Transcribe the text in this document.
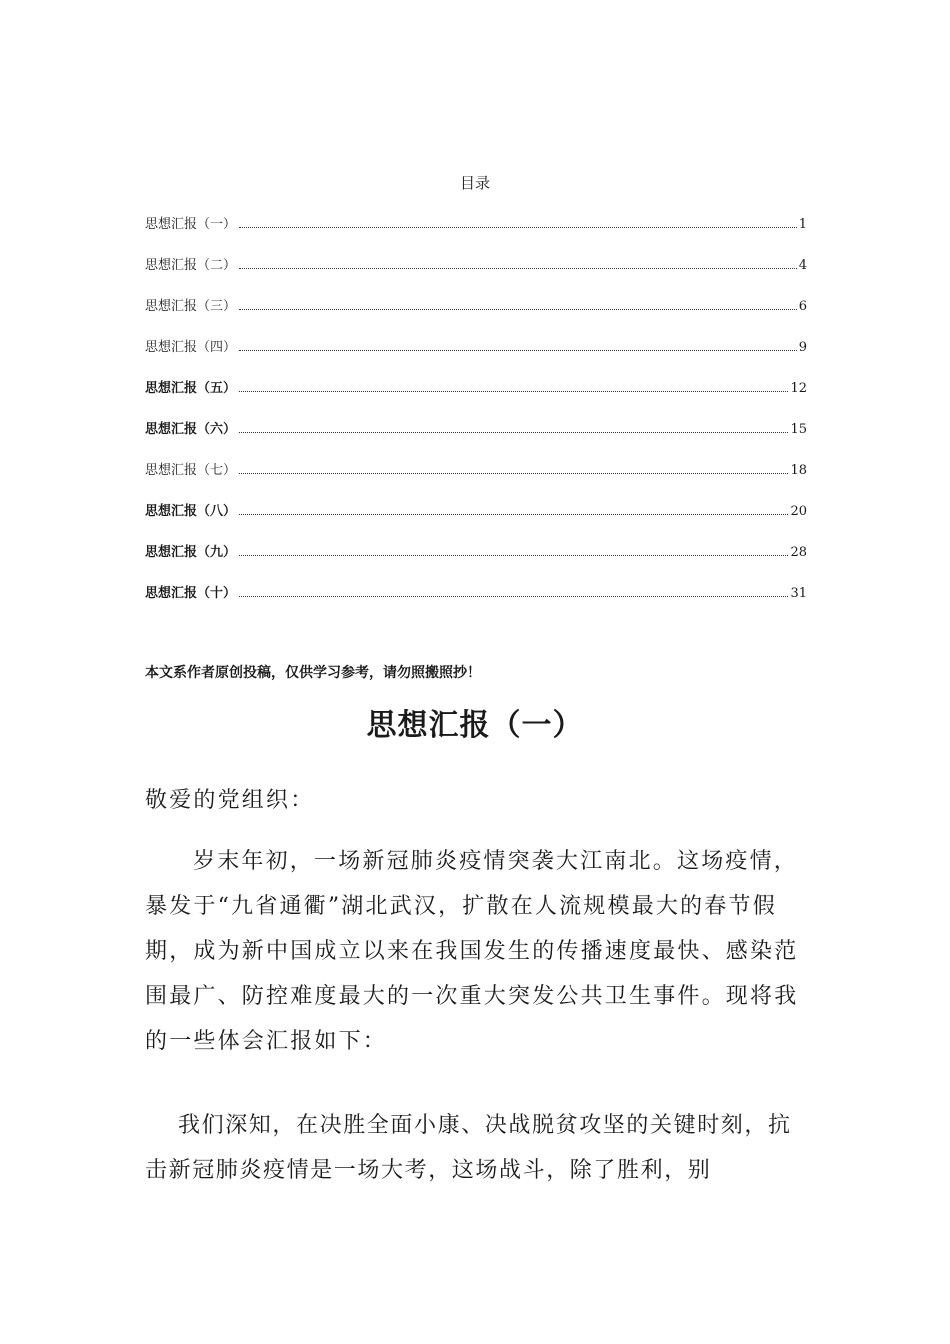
目录
思想汇报（一）	1
思想汇报（二）	4
思想汇报（三）	6
思想汇报（四）	9
思想汇报（五）	12
思想汇报（六）	15
思想汇报（七）	18
思想汇报（八）	20
思想汇报（九）	28
思想汇报（十）	31
本文系作者原创投稿，仅供学习参考，请勿照搬照抄！
思想汇报（一）
敬爱的党组织：
岁末年初，一场新冠肺炎疫情突袭大江南北。这场疫情，暴发于“九省通衢”湖北武汉，扩散在人流规模最大的春节假期，成为新中国成立以来在我国发生的传播速度最快、感染范围最广、防控难度最大的一次重大突发公共卫生事件。现将我的一些体会汇报如下：
我们深知，在决胜全面小康、决战脱贫攻坚的关键时刻，抗击新冠肺炎疫情是一场大考，这场战斗，除了胜利，别
